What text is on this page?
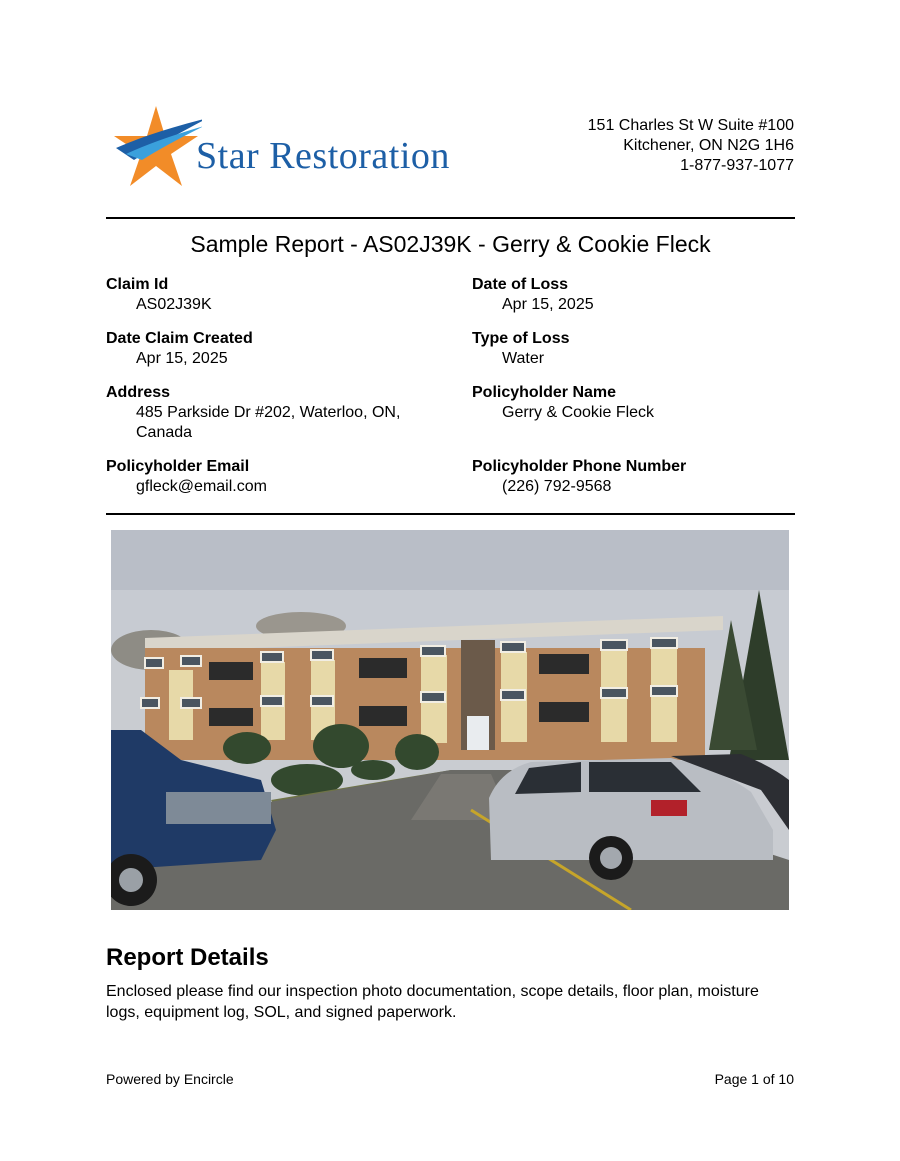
Star Restoration
151 Charles St W Suite #100
Kitchener, ON N2G 1H6
1-877-937-1077
Sample Report - AS02J39K - Gerry & Cookie Fleck
Claim Id
AS02J39K
Date Claim Created
Apr 15, 2025
Address
485 Parkside Dr #202, Waterloo, ON,
Canada
Policyholder Email
gfleck@email.com
Date of Loss
Apr 15, 2025
Type of Loss
Water
Policyholder Name
Gerry & Cookie Fleck
Policyholder Phone Number
(226) 792-9568
Report Details
Enclosed please find our inspection photo documentation, scope details, floor plan, moisture logs, equipment log, SOL, and signed paperwork.
Powered by Encircle	Page 1 of 10
